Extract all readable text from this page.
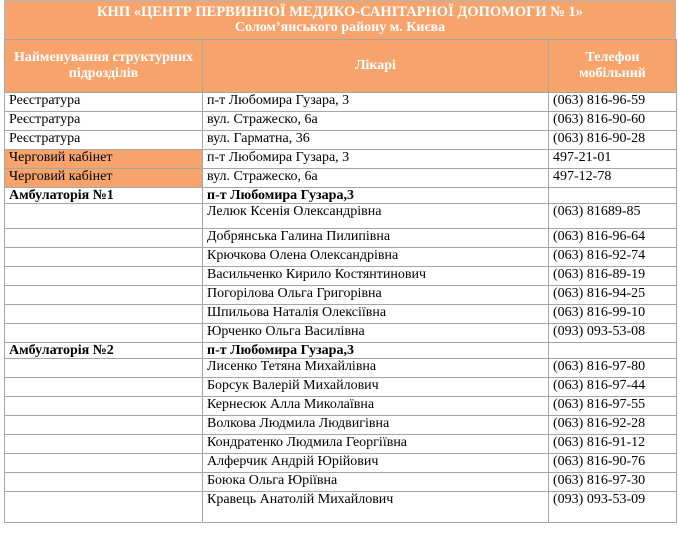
КНП «ЦЕНТР ПЕРВИННОЇ МЕДИКО-САНІТАРНОЇ ДОПОМОГИ № 1»
Солом’янського району м. Києва
Найменування структурних підрозділів	Лікарі	Телефон мобільний
Реєстратура	п-т Любомира Гузара, 3	(063) 816-96-59
Реєстратура	вул. Стражеско, 6а	(063) 816-90-60
Реєстратура	вул. Гарматна, 36	(063) 816-90-28
Черговий кабінет	п-т Любомира Гузара, 3	497-21-01
Черговий кабінет	вул. Стражеско, 6а	497-12-78
Амбулаторія №1	п-т Любомира Гузара,3	
	Лелюк Ксенія Олександрівна	(063) 81689-85
	Добрянська Галина Пилипівна	(063) 816-96-64
	Крючкова Олена Олександрівна	(063) 816-92-74
	Васильченко Кирило Костянтинович	(063) 816-89-19
	Погорілова Ольга Григорівна	(063) 816-94-25
	Шпильова Наталія Олексіївна	(063) 816-99-10
	Юрченко Ольга Василівна	(093) 093-53-08
Амбулаторія №2	п-т Любомира Гузара,3	
	Лисенко Тетяна Михайлівна	(063) 816-97-80
	Борсук Валерій Михайлович	(063) 816-97-44
	Кернесюк Алла Миколаївна	(063) 816-97-55
	Волкова Людмила Людвигівна	(063) 816-92-28
	Кондратенко Людмила Георгіївна	(063) 816-91-12
	Алферчик Андрій Юрійович	(063) 816-90-76
	Боюка Ольга Юріївна	(063) 816-97-30
	Кравець Анатолій Михайлович	(093) 093-53-09
